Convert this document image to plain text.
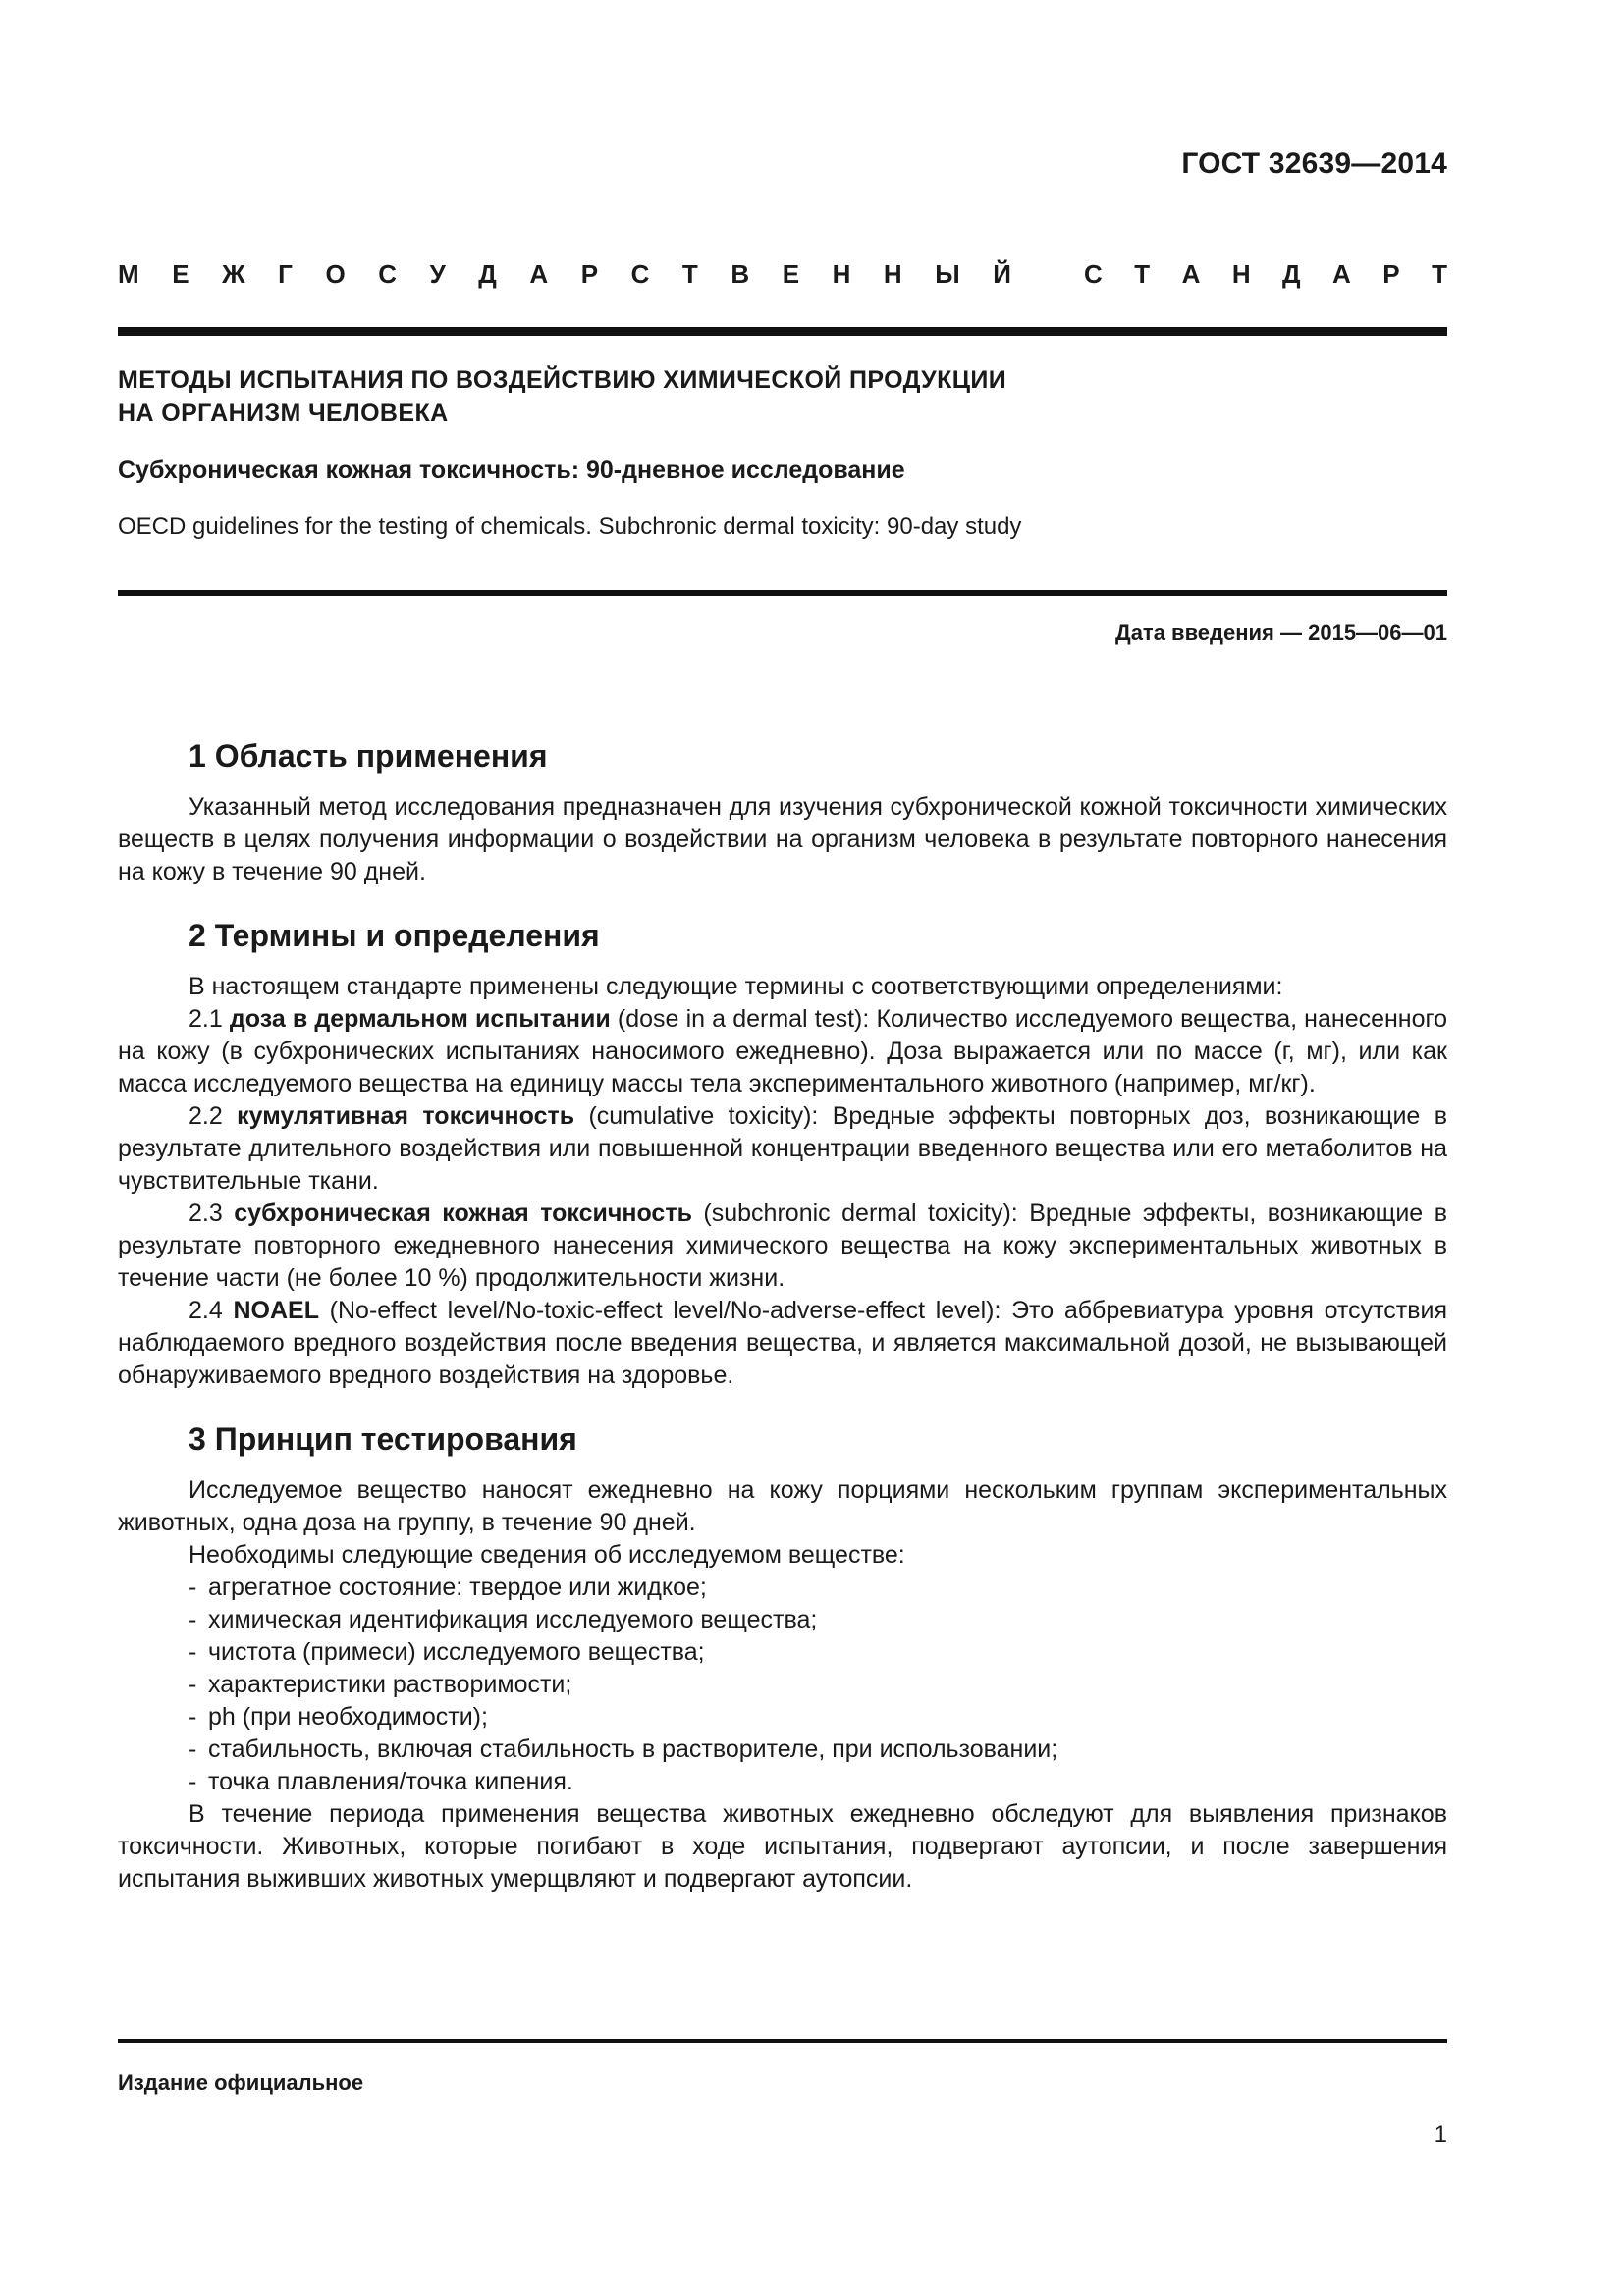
ГОСТ 32639—2014
М Е Ж Г О С У Д А Р С Т В Е Н Н Ы Й	С Т А Н Д А Р Т

МЕТОДЫ ИСПЫТАНИЯ ПО ВОЗДЕЙСТВИЮ ХИМИЧЕСКОЙ ПРОДУКЦИИ
НА ОРГАНИЗМ ЧЕЛОВЕКА

Субхроническая кожная токсичность: 90-дневное исследование

OECD guidelines for the testing of chemicals. Subchronic dermal toxicity: 90-day study

Дата введения — 2015—06—01
1 Область применения

Указанный метод исследования предназначен для изучения субхронической кожной токсичности химических веществ в целях получения информации о воздействии на организм человека в результате повторного нанесения на кожу в течение 90 дней.

2 Термины и определения

В настоящем стандарте применены следующие термины с соответствующими определениями:

2.1 доза в дермальном испытании (dose in a dermal test): Количество исследуемого вещества, нанесенного на кожу (в субхронических испытаниях наносимого ежедневно). Доза выражается или по массе (г, мг), или как масса исследуемого вещества на единицу массы тела экспериментального животного (например, мг/кг).

2.2 кумулятивная токсичность (cumulative toxicity): Вредные эффекты повторных доз, возникающие в результате длительного воздействия или повышенной концентрации введенного вещества или его метаболитов на чувствительные ткани.

2.3 субхроническая кожная токсичность (subchronic dermal toxicity): Вредные эффекты, возникающие в результате повторного ежедневного нанесения химического вещества на кожу экспериментальных животных в течение части (не более 10 %) продолжительности жизни.

2.4 NOAEL (No-effect level/No-toxic-effect level/No-adverse-effect level): Это аббревиатура уровня отсутствия наблюдаемого вредного воздействия после введения вещества, и является максимальной дозой, не вызывающей обнаруживаемого вредного воздействия на здоровье.

3 Принцип тестирования

Исследуемое вещество наносят ежедневно на кожу порциями нескольким группам экспериментальных животных, одна доза на группу, в течение 90 дней.

Необходимы следующие сведения об исследуемом веществе:

- агрегатное состояние: твердое или жидкое;
- химическая идентификация исследуемого вещества;
- чистота (примеси) исследуемого вещества;
- характеристики растворимости;
- ph (при необходимости);
- стабильность, включая стабильность в растворителе, при использовании;
- точка плавления/точка кипения.

В течение периода применения вещества животных ежедневно обследуют для выявления признаков токсичности. Животных, которые погибают в ходе испытания, подвергают аутопсии, и после завершения испытания выживших животных умерщвляют и подвергают аутопсии.

Издание официальное
1
